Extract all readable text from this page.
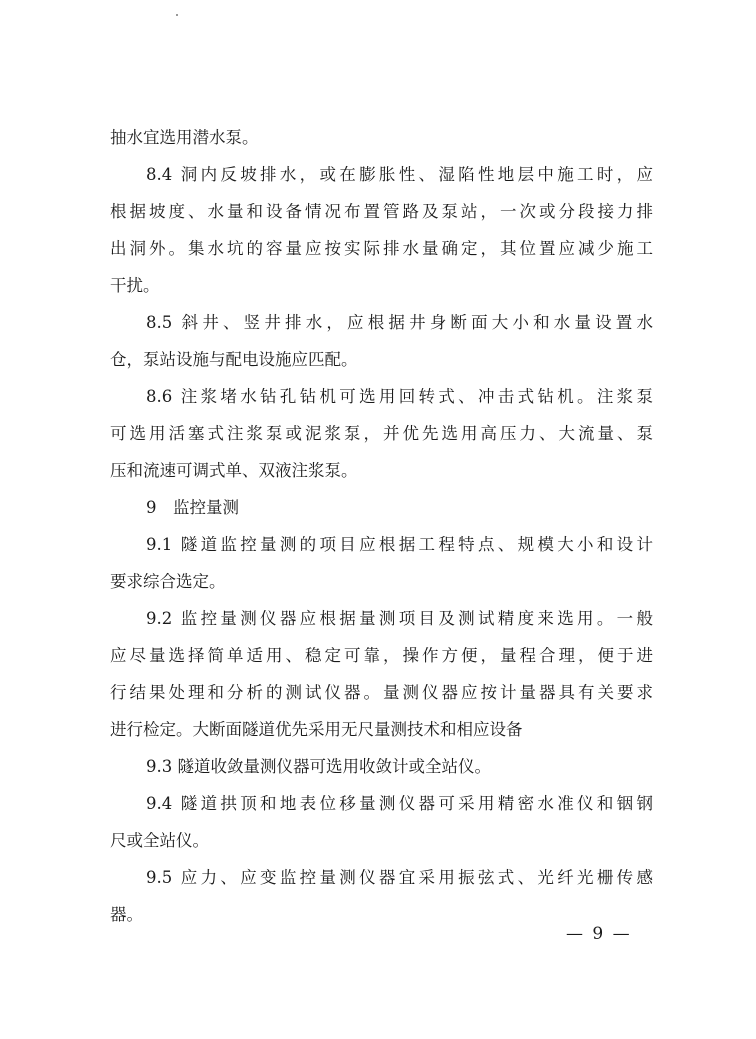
抽水宜选用潜水泵。
8.4 洞内反坡排水，或在膨胀性、湿陷性地层中施工时，应
根据坡度、水量和设备情况布置管路及泵站，一次或分段接力排
出洞外。集水坑的容量应按实际排水量确定，其位置应减少施工
干扰。
8.5 斜井、竖井排水，应根据井身断面大小和水量设置水
仓，泵站设施与配电设施应匹配。
8.6 注浆堵水钻孔钻机可选用回转式、冲击式钻机。注浆泵
可选用活塞式注浆泵或泥浆泵，并优先选用高压力、大流量、泵
压和流速可调式单、双液注浆泵。
9　监控量测
9.1 隧道监控量测的项目应根据工程特点、规模大小和设计
要求综合选定。
9.2 监控量测仪器应根据量测项目及测试精度来选用。一般
应尽量选择简单适用、稳定可靠，操作方便，量程合理，便于进
行结果处理和分析的测试仪器。量测仪器应按计量器具有关要求
进行检定。大断面隧道优先采用无尺量测技术和相应设备
9.3 隧道收敛量测仪器可选用收敛计或全站仪。
9.4 隧道拱顶和地表位移量测仪器可采用精密水准仪和铟钢
尺或全站仪。
9.5 应力、应变监控量测仪器宜采用振弦式、光纤光栅传感
器。
— 9 —
